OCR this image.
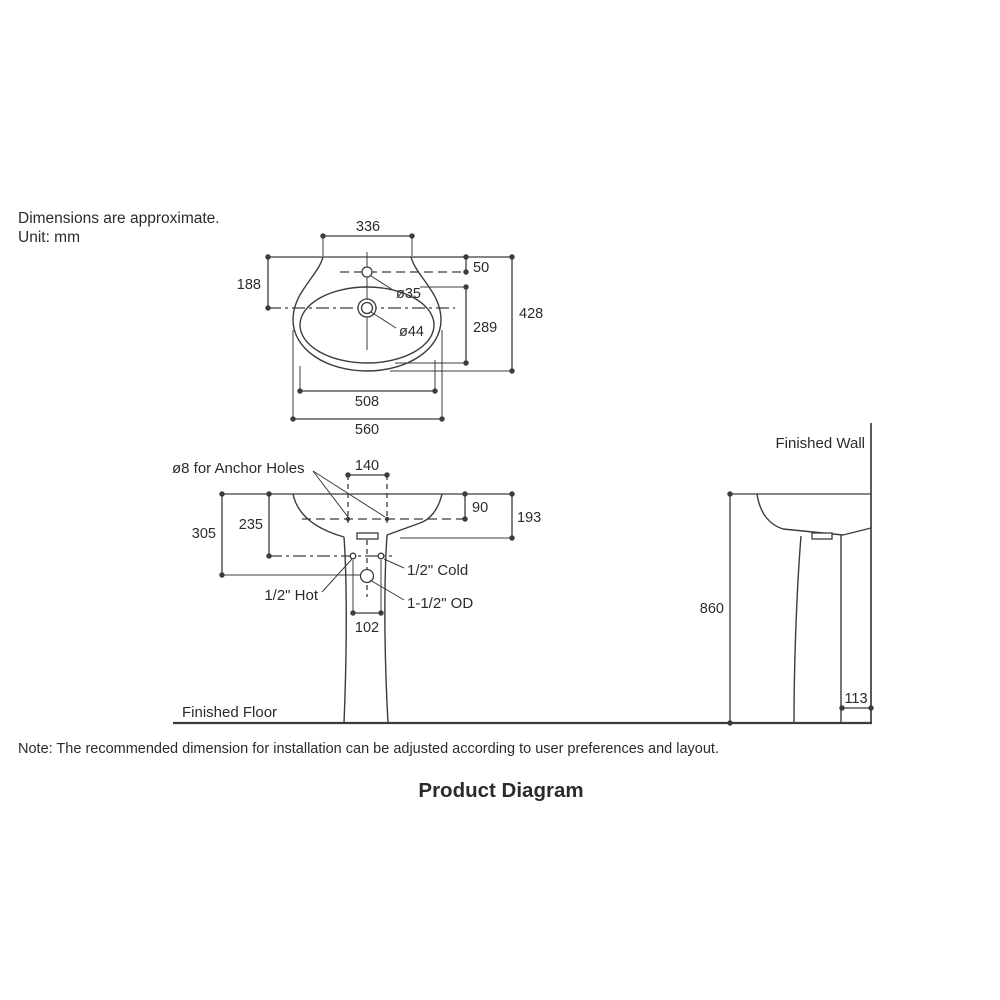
Dimensions are approximate.
Unit: mm
336
188
50
289
428
508
560
ø35
ø44
ø8 for Anchor Holes
1/2" Cold
1/2" Hot	1-1/2" OD
140
90
193
235
305
102
Finished Wall
860
113
Finished Floor
Note: The recommended dimension for installation can be adjusted according to user preferences and layout.
Product Diagram
